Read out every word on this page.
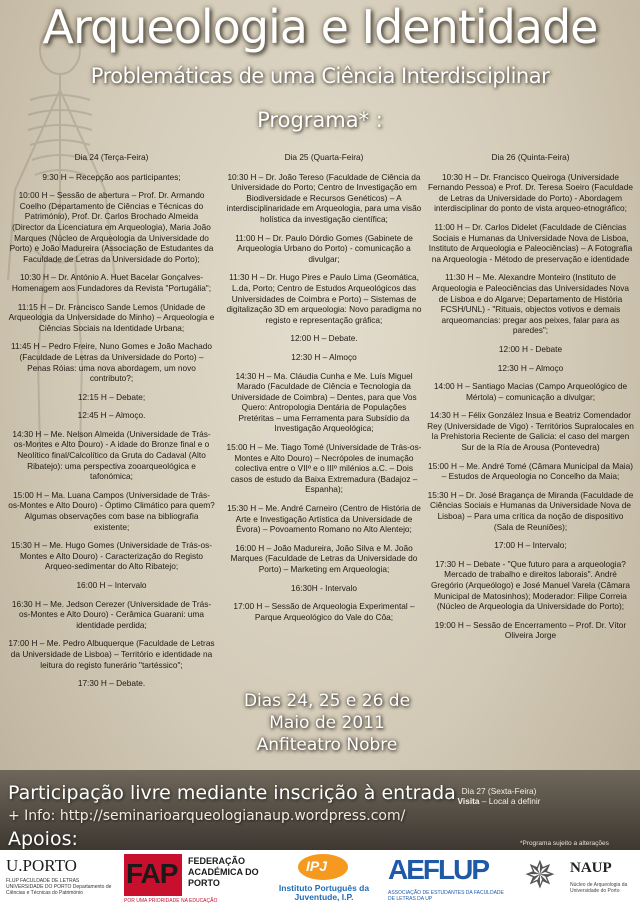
Arqueologia e Identidade
Problemáticas de uma Ciência Interdisciplinar
Programa* :
Dia 24 (Terça-Feira)
9:30 H – Recepção aos participantes;
10:00 H – Sessão de abertura – Prof. Dr. Armando Coelho (Departamento de Ciências e Técnicas do Património), Prof. Dr. Carlos Brochado Almeida (Director da Licenciatura em Arqueologia), Maria João Marques (Núcleo de Arqueologia da Universidade do Porto) e João Madureira (Associação de Estudantes da Faculdade de Letras da Universidade do Porto);
10:30 H – Dr. António A. Huet Bacelar Gonçalves- Homenagem aos Fundadores da Revista "Portugália";
11:15 H – Dr. Francisco Sande Lemos (Unidade de Arqueologia da Universidade do Minho) – Arqueologia e Ciências Sociais na Identidade Urbana;
11:45 H – Pedro Freire, Nuno Gomes e João Machado (Faculdade de Letras da Universidade do Porto) – Penas Róias: uma nova abordagem, um novo contributo?;
12:15 H – Debate;
12:45 H – Almoço.
14:30 H – Me. Nelson Almeida (Universidade de Trás-os-Montes e Alto Douro) - A idade do Bronze final e o Neolítico final/Calcolítico da Gruta do Cadaval (Alto Ribatejo): uma perspectiva zooarqueológica e tafonómica;
15:00 H – Ma. Luana Campos (Universidade de Trás-os-Montes e Alto Douro) - Óptimo Climático para quem? Algumas observações com base na bibliografia existente;
15:30 H – Me. Hugo Gomes (Universidade de Trás-os-Montes e Alto Douro) - Caracterização do Registo Arqueo-sedimentar do Alto Ribatejo;
16:00 H – Intervalo
16:30 H – Me. Jedson Cerezer (Universidade de Trás-os-Montes e Alto Douro) - Cerâmica Guarani: uma identidade perdida;
17:00 H – Me. Pedro Albuquerque (Faculdade de Letras da Universidade de Lisboa) – Território e identidade na leitura do registo funerário "tartéssico";
17:30 H – Debate.
Dia 25 (Quarta-Feira)
10:30 H – Dr. João Tereso (Faculdade de Ciência da Universidade do Porto; Centro de Investigação em Biodiversidade e Recursos Genéticos) – A interdisciplinaridade em Arqueologia, para uma visão holística da investigação científica;
11:00 H – Dr. Paulo Dórdio Gomes (Gabinete de Arqueologia Urbano do Porto) - comunicação a divulgar;
11:30 H – Dr. Hugo Pires e Paulo Lima (Geomática, L.da, Porto; Centro de Estudos Arqueológicos das Universidades de Coimbra e Porto) – Sistemas de digitalização 3D em arqueologia: Novo paradigma no registo e representação gráfica;
12:00 H – Debate.
12:30 H – Almoço
14:30 H – Ma. Cláudia Cunha e Me. Luís Miguel Marado (Faculdade de Ciência e Tecnologia da Universidade de Coimbra) – Dentes, para que Vos Quero: Antropologia Dentária de Populações Pretéritas – uma Ferramenta para Subsídio da Investigação Arqueológica;
15:00 H – Me. Tiago Tomé (Universidade de Trás-os-Montes e Alto Douro) – Necrópoles de inumação colectiva entre o VIIº e o IIIº milénios a.C. – Dois casos de estudo da Baixa Extremadura (Badajoz – Espanha);
15:30 H – Me. André Carneiro (Centro de História de Arte e Investigação Artística da Universidade de Évora) – Povoamento Romano no Alto Alentejo;
16:00 H – João Madureira, João Silva e M. João Marques (Faculdade de Letras da Universidade do Porto) – Marketing em Arqueologia;
16:30H - Intervalo
17:00 H – Sessão de Arqueologia Experimental – Parque Arqueológico do Vale do Côa;
Dia 26 (Quinta-Feira)
10:30 H – Dr. Francisco Queiroga (Universidade Fernando Pessoa) e Prof. Dr. Teresa Soeiro (Faculdade de Letras da Universidade do Porto) - Abordagem interdisciplinar do ponto de vista arqueo-etnográfico;
11:00 H – Dr. Carlos Didelet (Faculdade de Ciências Sociais e Humanas da Universidade Nova de Lisboa, Instituto de Arqueologia e Paleociências) – A Fotografia na Arqueologia - Método de preservação e identidade
11:30 H – Me. Alexandre Monteiro (Instituto de Arqueologia e Paleociências das Universidades Nova de Lisboa e do Algarve; Departamento de História FCSH/UNL) - "Rituais, objectos votivos e demais arqueomancias: pregar aos peixes, falar para as paredes";
12:00 H - Debate
12:30 H – Almoço
14:00 H – Santiago Macias (Campo Arqueológico de Mértola) – comunicação a divulgar;
14:30 H – Félix González Insua e Beatriz Comendador Rey (Universidade de Vigo) - Territórios Supralocales en la Prehistoria Reciente de Galicia: el caso del margen Sur de la Ría de Arousa (Pontevedra)
15:00 H – Me. André Tomé (Câmara Municipal da Maia) – Estudos de Arqueologia no Concelho da Maia;
15:30 H – Dr. José Bragança de Miranda (Faculdade de Ciências Sociais e Humanas da Universidade Nova de Lisboa) – Para uma crítica da noção de dispositivo (Sala de Reuniões);
17:00 H – Intervalo;
17:30 H – Debate - "Que futuro para a arqueologia? Mercado de trabalho e direitos laborais". André Gregório (Arqueólogo) e José Manuel Varela (Câmara Municipal de Matosinhos); Moderador: Filipe Correia (Núcleo de Arqueologia da Universidade do Porto);
19:00 H – Sessão de Encerramento – Prof. Dr. Vítor Oliveira Jorge
Dias 24, 25 e 26 de Maio de 2011
Anfiteatro Nobre
Participação livre mediante inscrição à entrada
+ Info: http://seminarioarqueologianaup.wordpress.com/
Apoios:
Dia 27 (Sexta-Feira)
Visita – Local a definir
*Programa sujeito a alterações
U.PORTO
FLUP FACULDADE DE LETRAS UNIVERSIDADE DO PORTO Departamento de Ciências e Técnicas do Património
FAP FEDERAÇÃO ACADÉMICA DO PORTO
POR UMA PRIORIDADE NA EDUCAÇÃO
IPJ
Instituto Português da Juventude, I.P.
AEFLUP
ASSOCIAÇÃO DE ESTUDANTES DA FACULDADE DE LETRAS DA UP
✵ NAUP
Núcleo de Arqueologia da Universidade do Porto
